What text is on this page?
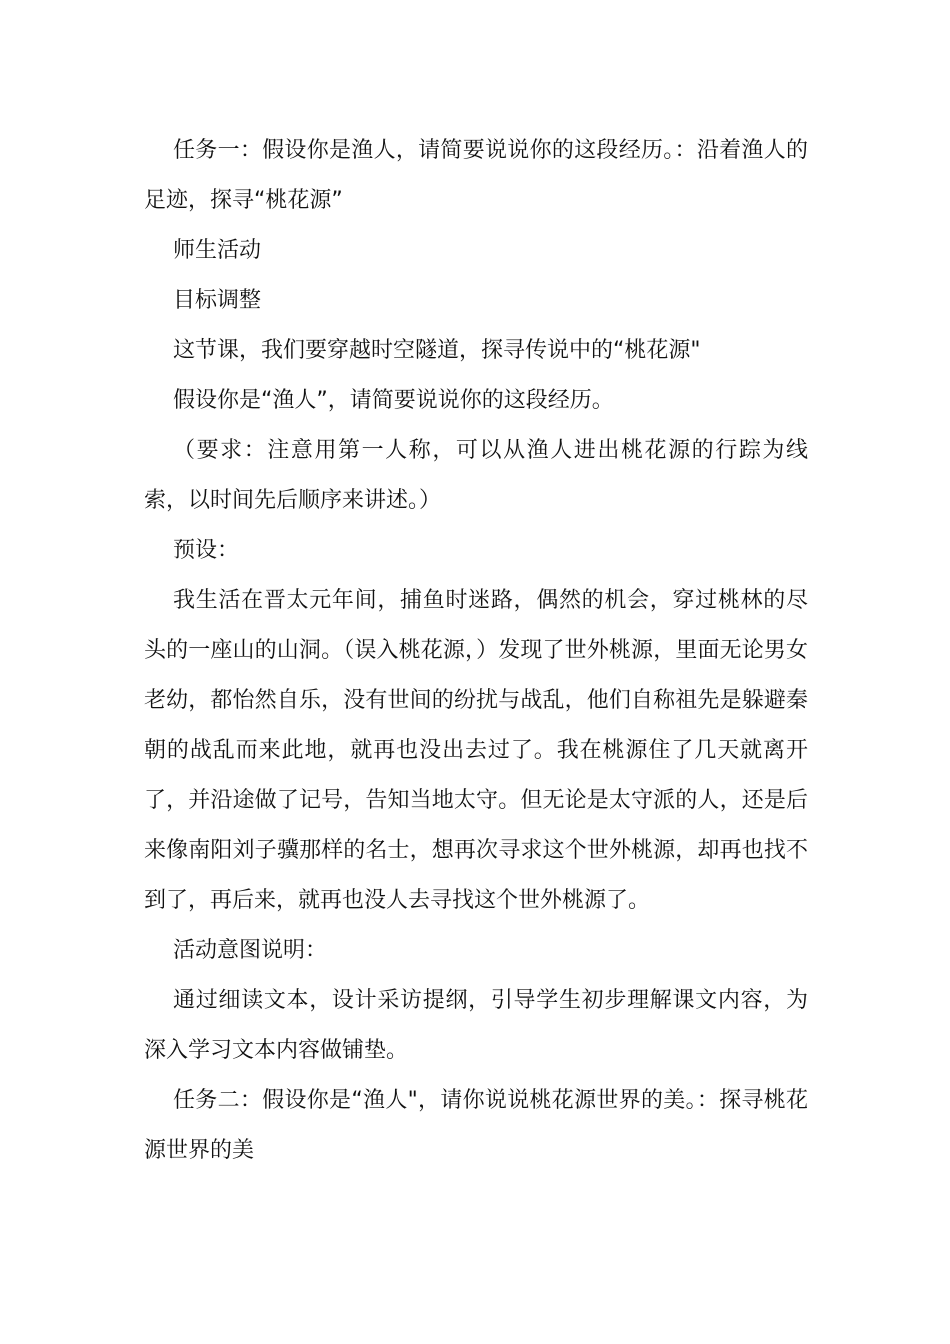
任务一：假设你是渔人，请简要说说你的这段经历。：沿着渔人的足迹，探寻“桃花源”

师生活动

目标调整

这节课，我们要穿越时空隧道，探寻传说中的“桃花源"

假设你是“渔人”，请简要说说你的这段经历。

（要求：注意用第一人称，可以从渔人进出桃花源的行踪为线索，以时间先后顺序来讲述。）

预设：

我生活在晋太元年间，捕鱼时迷路，偶然的机会，穿过桃林的尽头的一座山的山洞。（误入桃花源，）发现了世外桃源，里面无论男女老幼，都怡然自乐，没有世间的纷扰与战乱，他们自称祖先是躲避秦朝的战乱而来此地，就再也没出去过了。我在桃源住了几天就离开了，并沿途做了记号，告知当地太守。但无论是太守派的人，还是后来像南阳刘子骥那样的名士，想再次寻求这个世外桃源，却再也找不到了，再后来，就再也没人去寻找这个世外桃源了。

活动意图说明：

通过细读文本，设计采访提纲，引导学生初步理解课文内容，为深入学习文本内容做铺垫。

任务二：假设你是“渔人"，请你说说桃花源世界的美。：探寻桃花源世界的美
